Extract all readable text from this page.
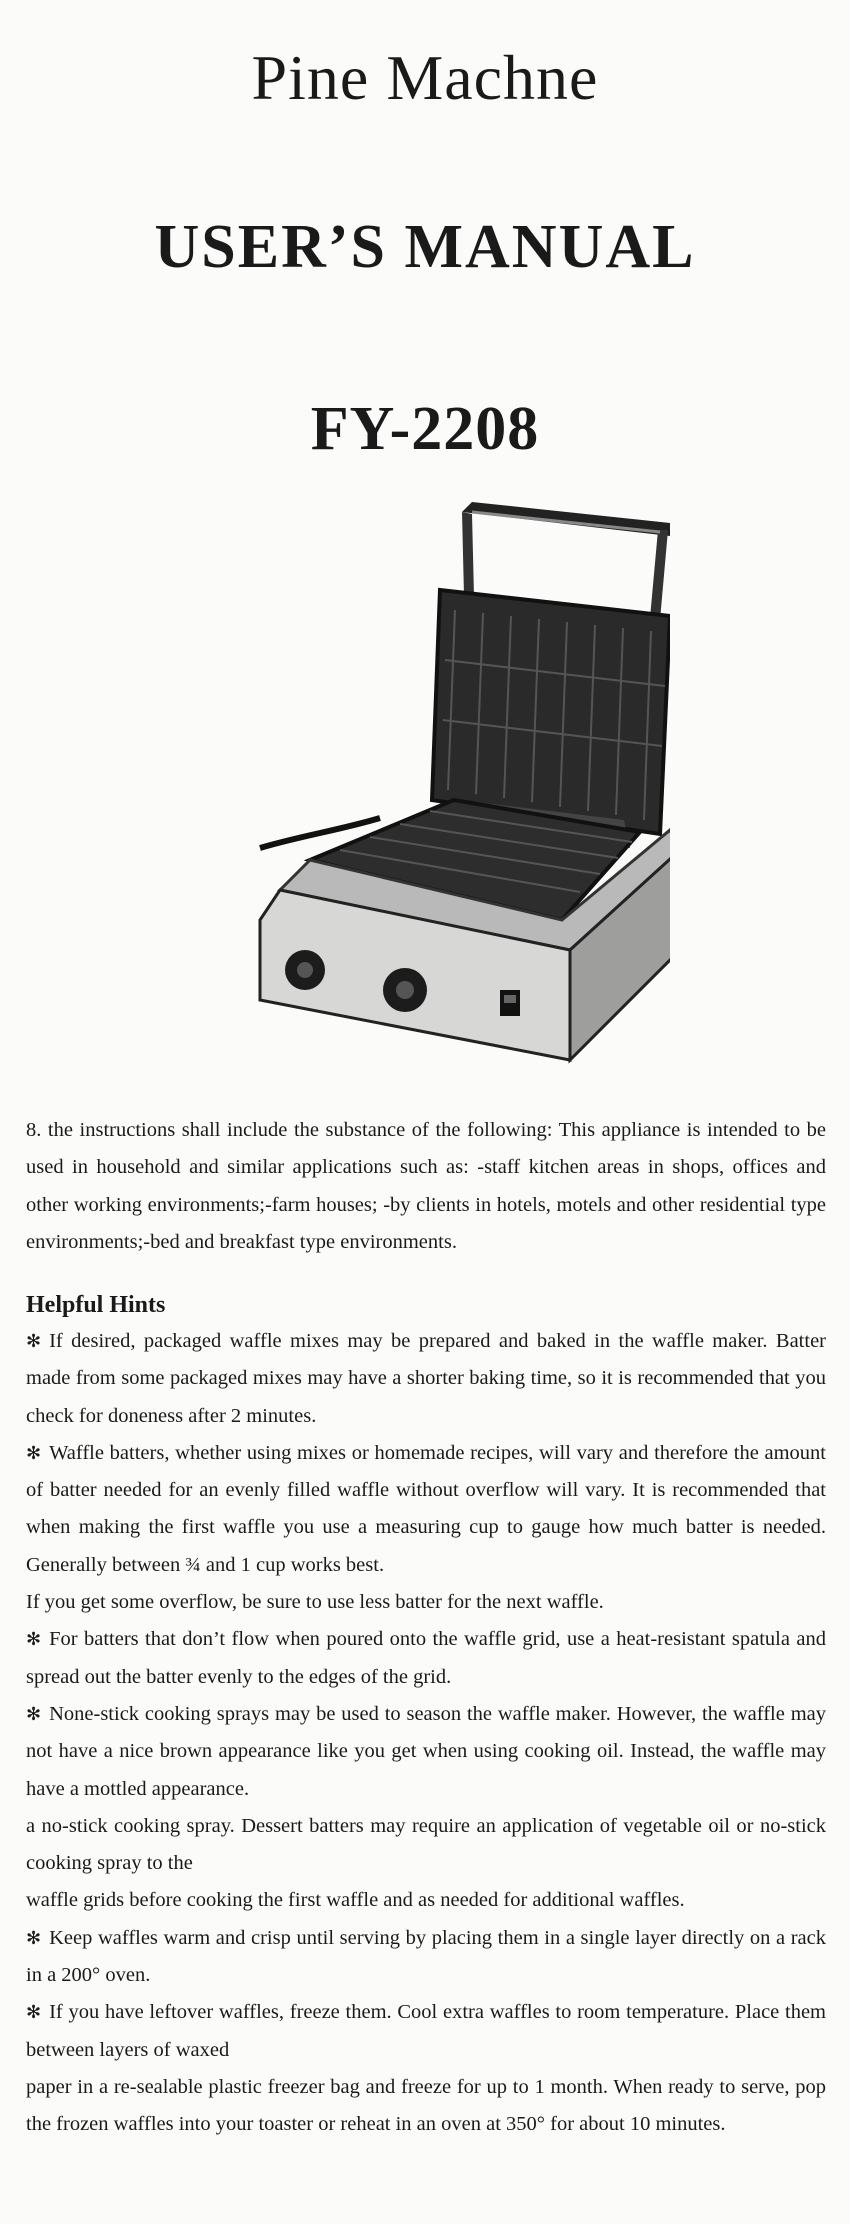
Pine Machne
USER’S MANUAL
FY-2208

8. the instructions shall include the substance of the following: This appliance is intended to be used in household and similar applications such as: -staff kitchen areas in shops, offices and other working environments;-farm houses; -by clients in hotels, motels and other residential type environments;-bed and breakfast type environments.

Helpful Hints

✻ If desired, packaged waffle mixes may be prepared and baked in the waffle maker. Batter made from some packaged mixes may have a shorter baking time, so it is recommended that you check for doneness after 2 minutes.

✻ Waffle batters, whether using mixes or homemade recipes, will vary and therefore the amount of batter needed for an evenly filled waffle without overflow will vary. It is recommended that when making the first waffle you use a measuring cup to gauge how much batter is needed. Generally between ¾ and 1 cup works best.

If you get some overflow, be sure to use less batter for the next waffle.

✻ For batters that don’t flow when poured onto the waffle grid, use a heat-resistant spatula and spread out the batter evenly to the edges of the grid.

✻ None-stick cooking sprays may be used to season the waffle maker. However, the waffle may not have a nice brown appearance like you get when using cooking oil. Instead, the waffle may have a mottled appearance.

a no-stick cooking spray. Dessert batters may require an application of vegetable oil or no-stick cooking spray to the

waffle grids before cooking the first waffle and as needed for additional waffles.

✻ Keep waffles warm and crisp until serving by placing them in a single layer directly on a rack in a 200° oven.

✻ If you have leftover waffles, freeze them. Cool extra waffles to room temperature. Place them between layers of waxed

paper in a re-sealable plastic freezer bag and freeze for up to 1 month. When ready to serve, pop the frozen waffles into your toaster or reheat in an oven at 350° for about 10 minutes.
